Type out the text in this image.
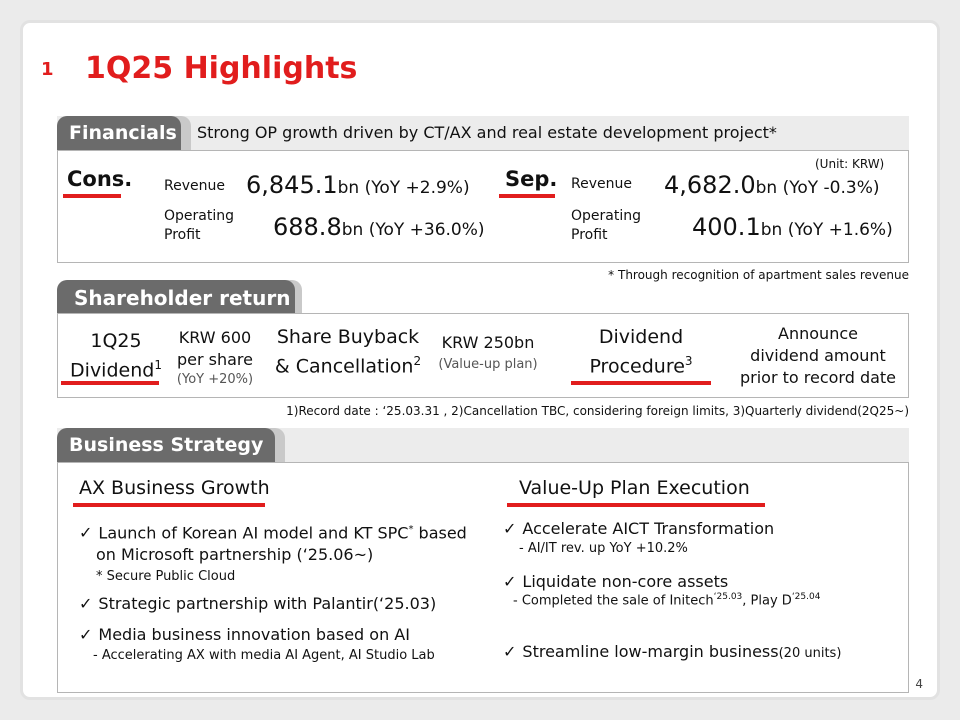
1 1Q25 Highlights
Financials Strong OP growth driven by CT/AX and real estate development project*
(Unit: KRW)
Cons. Revenue 6,845.1bn (YoY +2.9%)
Operating
Profit	688.8bn (YoY +36.0%)
Sep. Revenue 4,682.0bn (YoY -0.3%)
Operating
Profit	400.1bn (YoY +1.6%)
* Through recognition of apartment sales revenue
Shareholder return
1Q25
Dividend$^1$
KRW 600
per share
(YoY +20%)
Share Buyback
& Cancellation$^2$
KRW 250bn
(Value-up plan)
Dividend
Procedure$^3$
Announce
dividend amount
prior to record date
1)Record date : ‘25.03.31 , 2)Cancellation TBC, considering foreign limits, 3)Quarterly dividend(2Q25~)
Business Strategy
AX Business Growth
✓ Launch of Korean AI model and KT SPC* based
on Microsoft partnership (‘25.06~)
* Secure Public Cloud
✓ Strategic partnership with Palantir(‘25.03)
✓ Media business innovation based on AI
- Accelerating AX with media AI Agent, AI Studio Lab
Value-Up Plan Execution
✓ Accelerate AICT Transformation
- AI/IT rev. up YoY +10.2%
✓ Liquidate non-core assets
- Completed the sale of Initech$^{‘25.03}$, Play $D^{‘25.04}$
✓ Streamline low-margin business(20 units)
4
